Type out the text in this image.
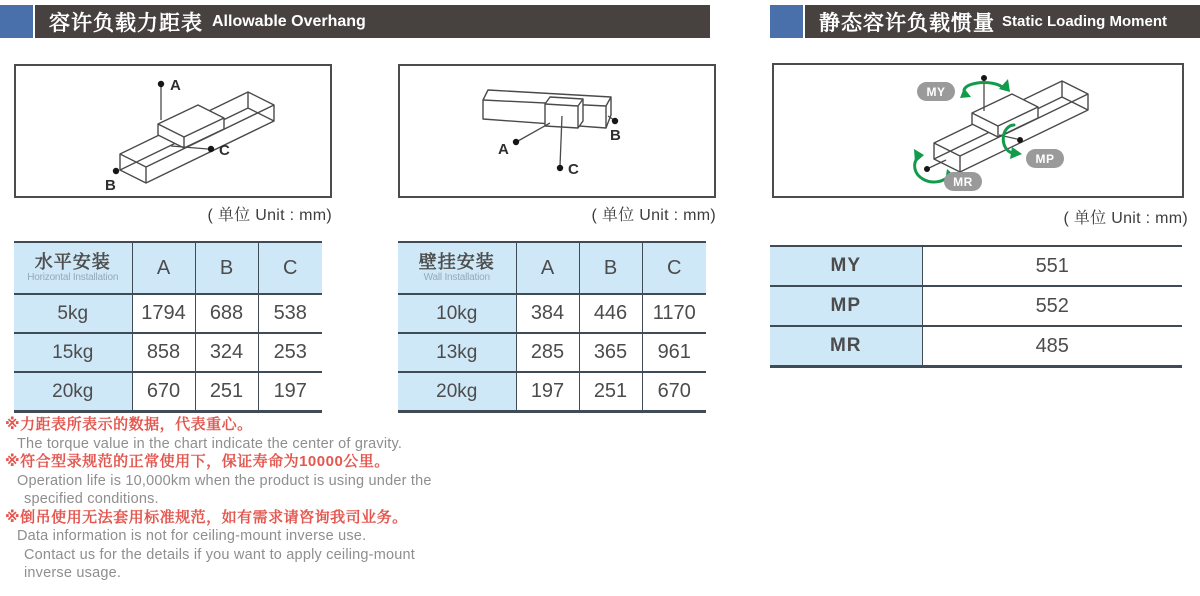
容许负载力距表 Allowable Overhang
A
C
B
( 单位 Unit : mm)
A
C
B
( 单位 Unit : mm)
水平安装
Horizontal Installation	A	B	C
5kg	1794	688	538
15kg	858	324	253
20kg	670	251	197
壁挂安装
Wall Installation	A	B	C
10kg	384	446	1170
13kg	285	365	961
20kg	197	251	670
※力距表所表示的数据，代表重心。
The torque value in the chart indicate the center of gravity.
※符合型录规范的正常使用下，保证寿命为10000公里。
Operation life is 10,000km when the product is using under the
specified conditions.
※倒吊使用无法套用标准规范，如有需求请咨询我司业务。
Data information is not for ceiling-mount inverse use.
Contact us for the details if you want to apply ceiling-mount
inverse usage.
静态容许负载惯量 Static Loading Moment
MY
MP
MR
( 单位 Unit : mm)
MY	551
MP	552
MR	485
